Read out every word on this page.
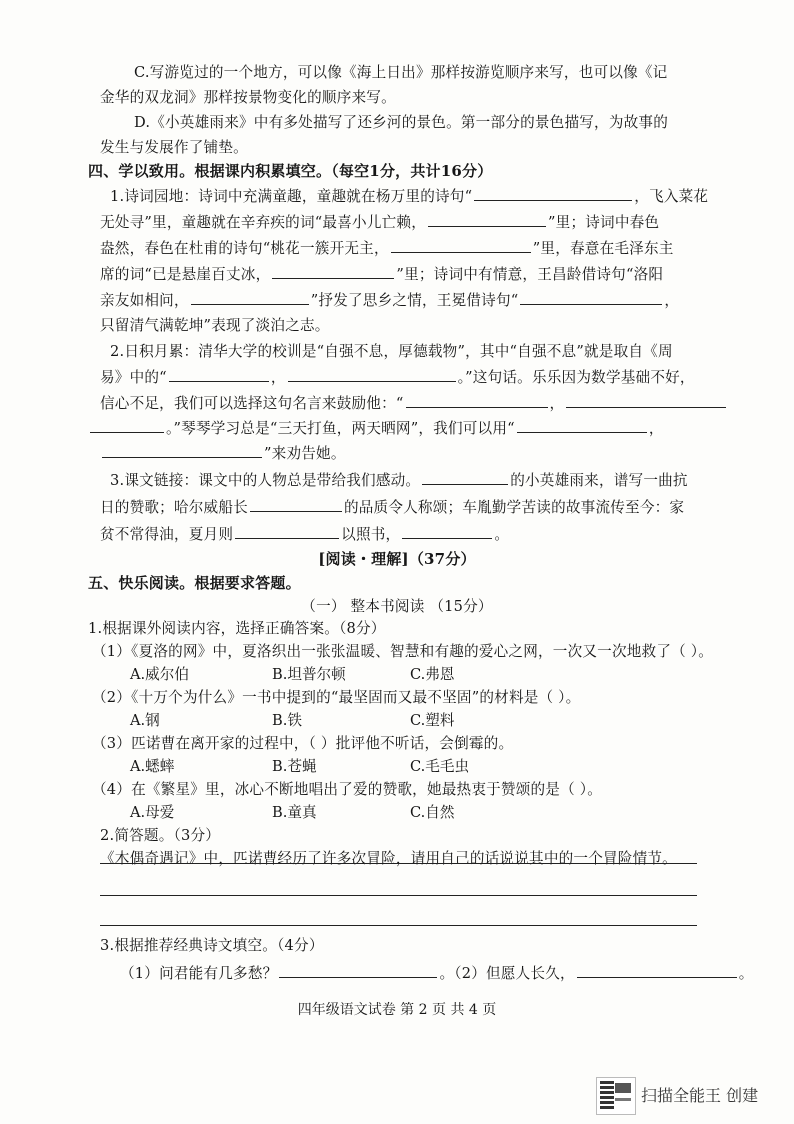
C.写游览过的一个地方，可以像《海上日出》那样按游览顺序来写，也可以像《记
金华的双龙洞》那样按景物变化的顺序来写。
D.《小英雄雨来》中有多处描写了还乡河的景色。第一部分的景色描写，为故事的
发生与发展作了铺垫。
四、学以致用。根据课内积累填空。（每空1分，共计16分）
1.诗词园地：诗词中充满童趣，童趣就在杨万里的诗句“	，飞入菜花
无处寻”里，童趣就在辛弃疾的词“最喜小儿亡赖，	”里；诗词中春色
盎然，春色在杜甫的诗句“桃花一簇开无主，	”里，春意在毛泽东主
席的词“已是悬崖百丈冰，	”里；诗词中有情意，王昌龄借诗句“洛阳
亲友如相问，	”抒发了思乡之情，王冕借诗句“	，
只留清气满乾坤”表现了淡泊之志。
2.日积月累：清华大学的校训是“自强不息，厚德载物”，其中“自强不息”就是取自《周
易》中的“	，	。”这句话。乐乐因为数学基础不好，
信心不足，我们可以选择这句名言来鼓励他：“	，
。”琴琴学习总是“三天打鱼，两天晒网”，我们可以用“	，
”来劝告她。
3.课文链接：课文中的人物总是带给我们感动。	的小英雄雨来，谱写一曲抗
日的赞歌；哈尔威船长	的品质令人称颂；车胤勤学苦读的故事流传至今：家
贫不常得油，夏月则	以照书，	。
[阅读・理解]（37分）
五、快乐阅读。根据要求答题。
（一） 整本书阅读 （15分）
1.根据课外阅读内容，选择正确答案。（8分）
（1）《夏洛的网》中，夏洛织出一张张温暖、智慧和有趣的爱心之网，一次又一次地救了（ ）。
A.威尔伯	B.坦普尔顿	C.弗恩
（2）《十万个为什么》一书中提到的“最坚固而又最不坚固”的材料是（ ）。
A.钢	B.铁	C.塑料
（3）匹诺曹在离开家的过程中，（ ）批评他不听话，会倒霉的。
A.蟋蟀	B.苍蝇	C.毛毛虫
（4）在《繁星》里，冰心不断地唱出了爱的赞歌，她最热衷于赞颂的是（ ）。
A.母爱	B.童真	C.自然
2.简答题。（3分）
《木偶奇遇记》中，匹诺曹经历了许多次冒险，请用自己的话说说其中的一个冒险情节。
3.根据推荐经典诗文填空。（4分）
（1）问君能有几多愁？	。（2）但愿人长久，	。
四年级语文试卷 第 2 页 共 4 页
扫描全能王 创建
